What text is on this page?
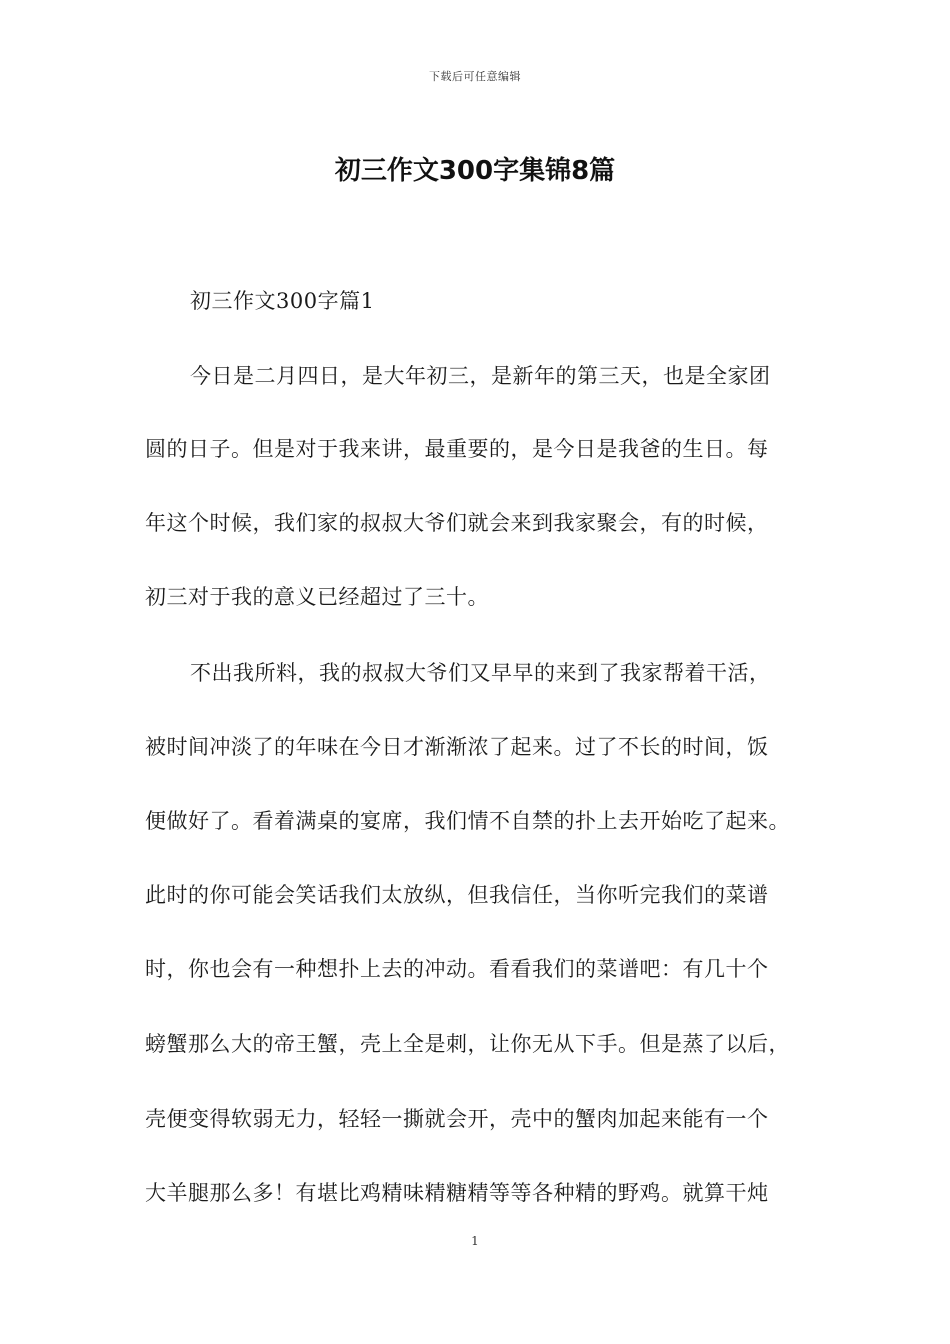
下载后可任意编辑
初三作文300字集锦8篇
初三作文300字篇1
今日是二月四日，是大年初三，是新年的第三天，也是全家团
圆的日子。但是对于我来讲，最重要的，是今日是我爸的生日。每
年这个时候，我们家的叔叔大爷们就会来到我家聚会，有的时候，
初三对于我的意义已经超过了三十。
不出我所料，我的叔叔大爷们又早早的来到了我家帮着干活，
被时间冲淡了的年味在今日才渐渐浓了起来。过了不长的时间，饭
便做好了。看着满桌的宴席，我们情不自禁的扑上去开始吃了起来。
此时的你可能会笑话我们太放纵，但我信任，当你听完我们的菜谱
时，你也会有一种想扑上去的冲动。看看我们的菜谱吧：有几十个
螃蟹那么大的帝王蟹，壳上全是刺，让你无从下手。但是蒸了以后，
壳便变得软弱无力，轻轻一撕就会开，壳中的蟹肉加起来能有一个
大羊腿那么多！有堪比鸡精味精糖精等等各种精的野鸡。就算干炖
1
